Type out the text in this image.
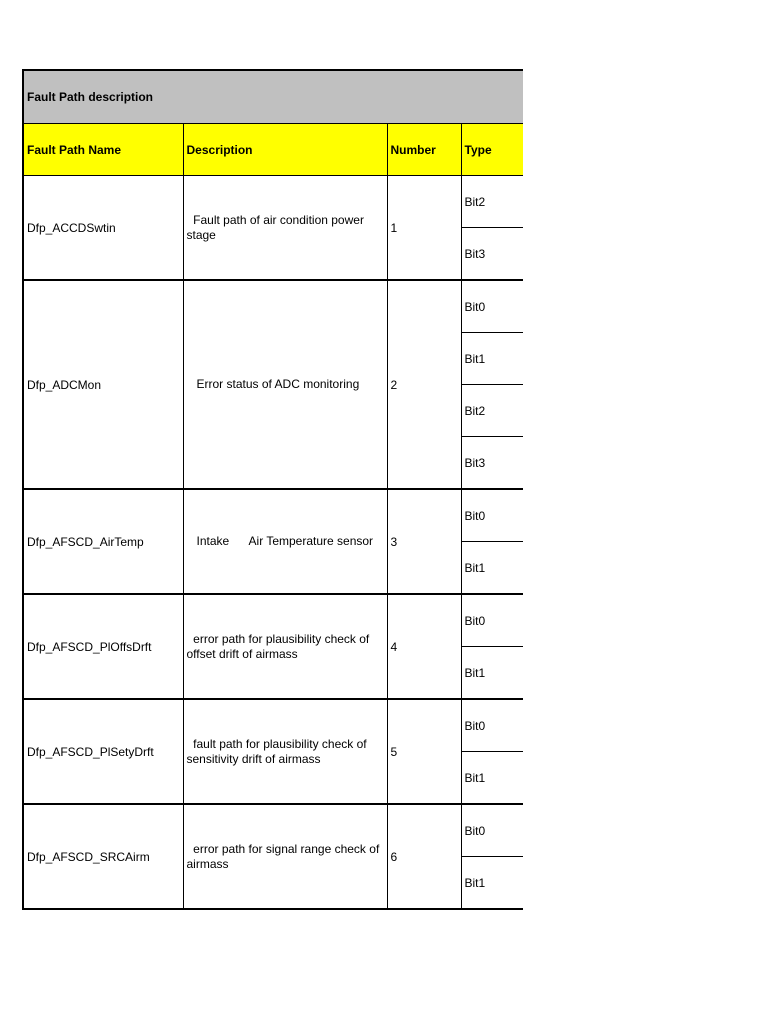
Fault Path description			
Fault Path Name	Description	Number	Type
Dfp_ACCDSwtin	Fault path of air condition power stage	1	Bit2
			Bit3
Dfp_ADCMon	Error status of ADC monitoring	2	Bit0
			Bit1
			Bit2
			Bit3
Dfp_AFSCD_AirTemp	Intake      Air Temperature sensor	3	Bit0
			Bit1
Dfp_AFSCD_PlOffsDrft	error path for plausibility check of offset drift of airmass	4	Bit0
			Bit1
Dfp_AFSCD_PlSetyDrft	fault path for plausibility check of sensitivity drift of airmass	5	Bit0
			Bit1
Dfp_AFSCD_SRCAirm	error path for signal range check of airmass	6	Bit0
			Bit1
